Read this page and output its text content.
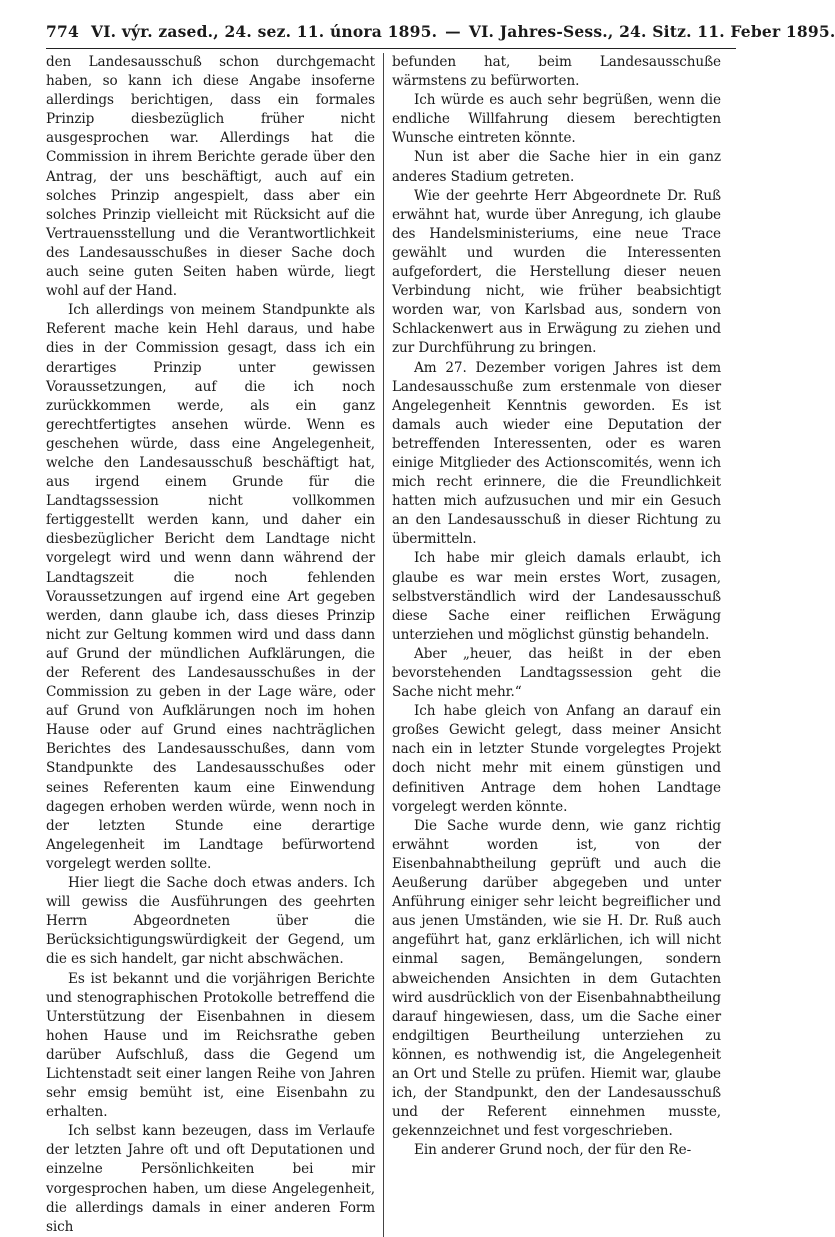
774 VI. výr. zased., 24. sez. 11. února 1895. — VI. Jahres-Sess., 24. Sitz. 11. Feber 1895.

den Landesausschuß schon durchgemacht haben, so kann ich diese Angabe insoferne allerdings berichtigen, dass ein formales Prinzip diesbezüglich früher nicht ausgesprochen war. Allerdings hat die Commission in ihrem Berichte gerade über den Antrag, der uns beschäftigt, auch auf ein solches Prinzip angespielt, dass aber ein solches Prinzip vielleicht mit Rücksicht auf die Vertrauensstellung und die Verantwortlichkeit des Landesausschußes in dieser Sache doch auch seine guten Seiten haben würde, liegt wohl auf der Hand.

Ich allerdings von meinem Standpunkte als Referent mache kein Hehl daraus, und habe dies in der Commission gesagt, dass ich ein derartiges Prinzip unter gewissen Voraussetzungen, auf die ich noch zurückkommen werde, als ein ganz gerechtfertigtes ansehen würde. Wenn es geschehen würde, dass eine Angelegenheit, welche den Landesausschuß beschäftigt hat, aus irgend einem Grunde für die Landtagssession nicht vollkommen fertiggestellt werden kann, und daher ein diesbezüglicher Bericht dem Landtage nicht vorgelegt wird und wenn dann während der Landtagszeit die noch fehlenden Voraussetzungen auf irgend eine Art gegeben werden, dann glaube ich, dass dieses Prinzip nicht zur Geltung kommen wird und dass dann auf Grund der mündlichen Aufklärungen, die der Referent des Landesausschußes in der Commission zu geben in der Lage wäre, oder auf Grund von Aufklärungen noch im hohen Hause oder auf Grund eines nachträglichen Berichtes des Landesausschußes, dann vom Standpunkte des Landesausschußes oder seines Referenten kaum eine Einwendung dagegen erhoben werden würde, wenn noch in der letzten Stunde eine derartige Angelegenheit im Landtage befürwortend vorgelegt werden sollte.

Hier liegt die Sache doch etwas anders. Ich will gewiss die Ausführungen des geehrten Herrn Abgeordneten über die Berücksichtigungswürdigkeit der Gegend, um die es sich handelt, gar nicht abschwächen.

Es ist bekannt und die vorjährigen Berichte und stenographischen Protokolle betreffend die Unterstützung der Eisenbahnen in diesem hohen Hause und im Reichsrathe geben darüber Aufschluß, dass die Gegend um Lichtenstadt seit einer langen Reihe von Jahren sehr emsig bemüht ist, eine Eisenbahn zu erhalten.

Ich selbst kann bezeugen, dass im Verlaufe der letzten Jahre oft und oft Deputationen und einzelne Persönlichkeiten bei mir vorgesprochen haben, um diese Angelegenheit, die allerdings damals in einer anderen Form sich

befunden hat, beim Landesausschuße wärmstens zu befürworten.

Ich würde es auch sehr begrüßen, wenn die endliche Willfahrung diesem berechtigten Wunsche eintreten könnte.

Nun ist aber die Sache hier in ein ganz anderes Stadium getreten.

Wie der geehrte Herr Abgeordnete Dr. Ruß erwähnt hat, wurde über Anregung, ich glaube des Handelsministeriums, eine neue Trace gewählt und wurden die Interessenten aufgefordert, die Herstellung dieser neuen Verbindung nicht, wie früher beabsichtigt worden war, von Karlsbad aus, sondern von Schlackenwert aus in Erwägung zu ziehen und zur Durchführung zu bringen.

Am 27. Dezember vorigen Jahres ist dem Landesausschuße zum erstenmale von dieser Angelegenheit Kenntnis geworden. Es ist damals auch wieder eine Deputation der betreffenden Interessenten, oder es waren einige Mitglieder des Actionscomités, wenn ich mich recht erinnere, die die Freundlichkeit hatten mich aufzusuchen und mir ein Gesuch an den Landesausschuß in dieser Richtung zu übermitteln.

Ich habe mir gleich damals erlaubt, ich glaube es war mein erstes Wort, zusagen, selbstverständlich wird der Landesausschuß diese Sache einer reiflichen Erwägung unterziehen und möglichst günstig behandeln.

Aber „heuer, das heißt in der eben bevorstehenden Landtagssession geht die Sache nicht mehr.“

Ich habe gleich von Anfang an darauf ein großes Gewicht gelegt, dass meiner Ansicht nach ein in letzter Stunde vorgelegtes Projekt doch nicht mehr mit einem günstigen und definitiven Antrage dem hohen Landtage vorgelegt werden könnte.

Die Sache wurde denn, wie ganz richtig erwähnt worden ist, von der Eisenbahnabtheilung geprüft und auch die Aeußerung darüber abgegeben und unter Anführung einiger sehr leicht begreiflicher und aus jenen Umständen, wie sie H. Dr. Ruß auch angeführt hat, ganz erklärlichen, ich will nicht einmal sagen, Bemängelungen, sondern abweichenden Ansichten in dem Gutachten wird ausdrücklich von der Eisenbahnabtheilung darauf hingewiesen, dass, um die Sache einer endgiltigen Beurtheilung unterziehen zu können, es nothwendig ist, die Angelegenheit an Ort und Stelle zu prüfen. Hiemit war, glaube ich, der Standpunkt, den der Landesausschuß und der Referent einnehmen musste, gekennzeichnet und fest vorgeschrieben.

Ein anderer Grund noch, der für den Re-
